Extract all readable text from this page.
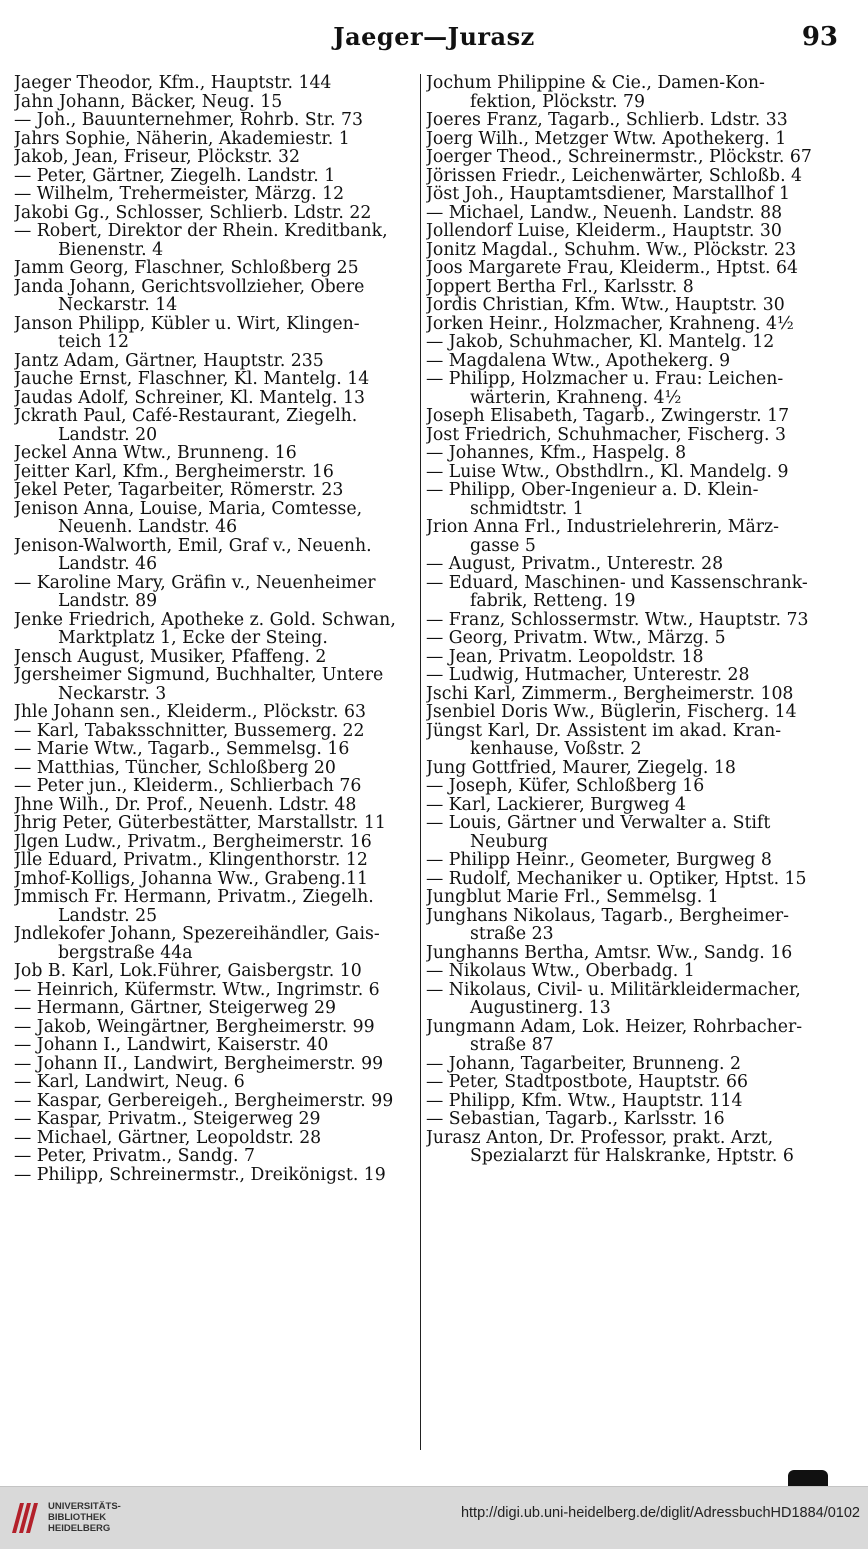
Jaeger—Jurasz	93
Jaeger Theodor, Kfm., Hauptstr. 144
Jahn Johann, Bäcker, Neug. 15
— Joh., Bauunternehmer, Rohrb. Str. 73
Jahrs Sophie, Näherin, Akademiestr. 1
Jakob, Jean, Friseur, Plöckstr. 32
— Peter, Gärtner, Ziegelh. Landstr. 1
— Wilhelm, Trehermeister, Märzg. 12
Jakobi Gg., Schlosser, Schlierb. Ldstr. 22
— Robert, Direktor der Rhein. Kreditbank,
Bienenstr. 4
Jamm Georg, Flaschner, Schloßberg 25
Janda Johann, Gerichtsvollzieher, Obere
Neckarstr. 14
Janson Philipp, Kübler u. Wirt, Klingen-
teich 12
Jantz Adam, Gärtner, Hauptstr. 235
Jauche Ernst, Flaschner, Kl. Mantelg. 14
Jaudas Adolf, Schreiner, Kl. Mantelg. 13
Jckrath Paul, Café-Restaurant, Ziegelh.
Landstr. 20
Jeckel Anna Wtw., Brunneng. 16
Jeitter Karl, Kfm., Bergheimerstr. 16
Jekel Peter, Tagarbeiter, Römerstr. 23
Jenison Anna, Louise, Maria, Comtesse,
Neuenh. Landstr. 46
Jenison-Walworth, Emil, Graf v., Neuenh.
Landstr. 46
— Karoline Mary, Gräfin v., Neuenheimer
Landstr. 89
Jenke Friedrich, Apotheke z. Gold. Schwan,
Marktplatz 1, Ecke der Steing.
Jensch August, Musiker, Pfaffeng. 2
Jgersheimer Sigmund, Buchhalter, Untere
Neckarstr. 3
Jhle Johann sen., Kleiderm., Plöckstr. 63
— Karl, Tabaksschnitter, Bussemerg. 22
— Marie Wtw., Tagarb., Semmelsg. 16
— Matthias, Tüncher, Schloßberg 20
— Peter jun., Kleiderm., Schlierbach 76
Jhne Wilh., Dr. Prof., Neuenh. Ldstr. 48
Jhrig Peter, Güterbestätter, Marstallstr. 11
Jlgen Ludw., Privatm., Bergheimerstr. 16
Jlle Eduard, Privatm., Klingenthorstr. 12
Jmhof-Kolligs, Johanna Ww., Grabeng.11
Jmmisch Fr. Hermann, Privatm., Ziegelh.
Landstr. 25
Jndlekofer Johann, Spezereihändler, Gais-
bergstraße 44a
Job B. Karl, Lok.Führer, Gaisbergstr. 10
— Heinrich, Küfermstr. Wtw., Ingrimstr. 6
— Hermann, Gärtner, Steigerweg 29
— Jakob, Weingärtner, Bergheimerstr. 99
— Johann I., Landwirt, Kaiserstr. 40
— Johann II., Landwirt, Bergheimerstr. 99
— Karl, Landwirt, Neug. 6
— Kaspar, Gerbereigeh., Bergheimerstr. 99
— Kaspar, Privatm., Steigerweg 29
— Michael, Gärtner, Leopoldstr. 28
— Peter, Privatm., Sandg. 7
— Philipp, Schreinermstr., Dreikönigst. 19
Jochum Philippine & Cie., Damen-Kon-
fektion, Plöckstr. 79
Joeres Franz, Tagarb., Schlierb. Ldstr. 33
Joerg Wilh., Metzger Wtw. Apothekerg. 1
Joerger Theod., Schreinermstr., Plöckstr. 67
Jörissen Friedr., Leichenwärter, Schloßb. 4
Jöst Joh., Hauptamtsdiener, Marstallhof 1
— Michael, Landw., Neuenh. Landstr. 88
Jollendorf Luise, Kleiderm., Hauptstr. 30
Jonitz Magdal., Schuhm. Ww., Plöckstr. 23
Joos Margarete Frau, Kleiderm., Hptst. 64
Joppert Bertha Frl., Karlsstr. 8
Jordis Christian, Kfm. Wtw., Hauptstr. 30
Jorken Heinr., Holzmacher, Krahneng. 4½
— Jakob, Schuhmacher, Kl. Mantelg. 12
— Magdalena Wtw., Apothekerg. 9
— Philipp, Holzmacher u. Frau: Leichen-
wärterin, Krahneng. 4½
Joseph Elisabeth, Tagarb., Zwingerstr. 17
Jost Friedrich, Schuhmacher, Fischerg. 3
— Johannes, Kfm., Haspelg. 8
— Luise Wtw., Obsthdlrn., Kl. Mandelg. 9
— Philipp, Ober-Ingenieur a. D. Klein-
schmidtstr. 1
Jrion Anna Frl., Industrielehrerin, März-
gasse 5
— August, Privatm., Unterestr. 28
— Eduard, Maschinen- und Kassenschrank-
fabrik, Retteng. 19
— Franz, Schlossermstr. Wtw., Hauptstr. 73
— Georg, Privatm. Wtw., Märzg. 5
— Jean, Privatm. Leopoldstr. 18
— Ludwig, Hutmacher, Unterestr. 28
Jschi Karl, Zimmerm., Bergheimerstr. 108
Jsenbiel Doris Ww., Büglerin, Fischerg. 14
Jüngst Karl, Dr. Assistent im akad. Kran-
kenhause, Voßstr. 2
Jung Gottfried, Maurer, Ziegelg. 18
— Joseph, Küfer, Schloßberg 16
— Karl, Lackierer, Burgweg 4
— Louis, Gärtner und Verwalter a. Stift
Neuburg
— Philipp Heinr., Geometer, Burgweg 8
— Rudolf, Mechaniker u. Optiker, Hptst. 15
Jungblut Marie Frl., Semmelsg. 1
Junghans Nikolaus, Tagarb., Bergheimer-
straße 23
Junghanns Bertha, Amtsr. Ww., Sandg. 16
— Nikolaus Wtw., Oberbadg. 1
— Nikolaus, Civil- u. Militärkleidermacher,
Augustinerg. 13
Jungmann Adam, Lok. Heizer, Rohrbacher-
straße 87
— Johann, Tagarbeiter, Brunneng. 2
— Peter, Stadtpostbote, Hauptstr. 66
— Philipp, Kfm. Wtw., Hauptstr. 114
— Sebastian, Tagarb., Karlsstr. 16
Jurasz Anton, Dr. Professor, prakt. Arzt,
Spezialarzt für Halskranke, Hptstr. 6
UNIVERSITÄTS-
BIBLIOTHEK
HEIDELBERG
http://digi.ub.uni-heidelberg.de/diglit/AdressbuchHD1884/0102
